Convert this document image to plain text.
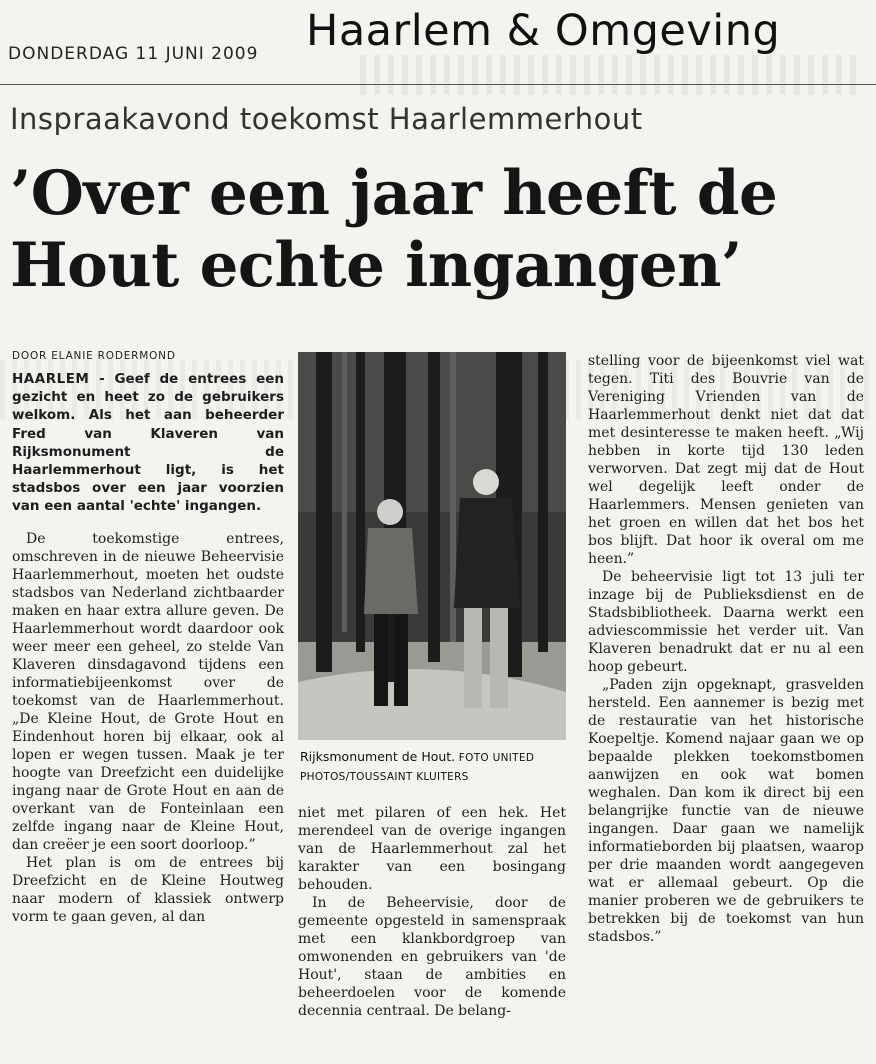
DONDERDAG 11 JUNI 2009 Haarlem & Omgeving
Inspraakavond toekomst Haarlemmerhout
’Over een jaar heeft de Hout echte ingangen’
DOOR ELANIE RODERMOND

HAARLEM - Geef de entrees een gezicht en heet zo de gebruikers welkom. Als het aan beheerder Fred van Klaveren van Rijksmonument de Haarlemmerhout ligt, is het stadsbos over een jaar voorzien van een aantal 'echte' ingangen.

De toekomstige entrees, omschreven in de nieuwe Beheervisie Haarlemmerhout, moeten het oudste stadsbos van Nederland zichtbaarder maken en haar extra allure geven. De Haarlemmerhout wordt daardoor ook weer meer een geheel, zo stelde Van Klaveren dinsdagavond tijdens een informatiebijeenkomst over de toekomst van de Haarlemmerhout. „De Kleine Hout, de Grote Hout en Eindenhout horen bij elkaar, ook al lopen er wegen tussen. Maak je ter hoogte van Dreefzicht een duidelijke ingang naar de Grote Hout en aan de overkant van de Fonteinlaan een zelfde ingang naar de Kleine Hout, dan creëer je een soort doorloop.”

Het plan is om de entrees bij Dreefzicht en de Kleine Houtweg naar modern of klassiek ontwerp vorm te gaan geven, al dan

Rijksmonument de Hout. FOTO UNITED PHOTOS/TOUSSAINT KLUITERS

niet met pilaren of een hek. Het merendeel van de overige ingangen van de Haarlemmerhout zal het karakter van een bosingang behouden.

In de Beheervisie, door de gemeente opgesteld in samenspraak met een klankbordgroep van omwonenden en gebruikers van 'de Hout', staan de ambities en beheerdoelen voor de komende decennia centraal. De belang-

stelling voor de bijeenkomst viel wat tegen. Titi des Bouvrie van de Vereniging Vrienden van de Haarlemmerhout denkt niet dat dat met desinteresse te maken heeft. „Wij hebben in korte tijd 130 leden verworven. Dat zegt mij dat de Hout wel degelijk leeft onder de Haarlemmers. Mensen genieten van het groen en willen dat het bos het bos blijft. Dat hoor ik overal om me heen.”

De beheervisie ligt tot 13 juli ter inzage bij de Publieksdienst en de Stadsbibliotheek. Daarna werkt een adviescommissie het verder uit. Van Klaveren benadrukt dat er nu al een hoop gebeurt.

„Paden zijn opgeknapt, grasvelden hersteld. Een aannemer is bezig met de restauratie van het historische Koepeltje. Komend najaar gaan we op bepaalde plekken toekomstbomen aanwijzen en ook wat bomen weghalen. Dan kom ik direct bij een belangrijke functie van de nieuwe ingangen. Daar gaan we namelijk informatieborden bij plaatsen, waarop per drie maanden wordt aangegeven wat er allemaal gebeurt. Op die manier proberen we de gebruikers te betrekken bij de toekomst van hun stadsbos.”
